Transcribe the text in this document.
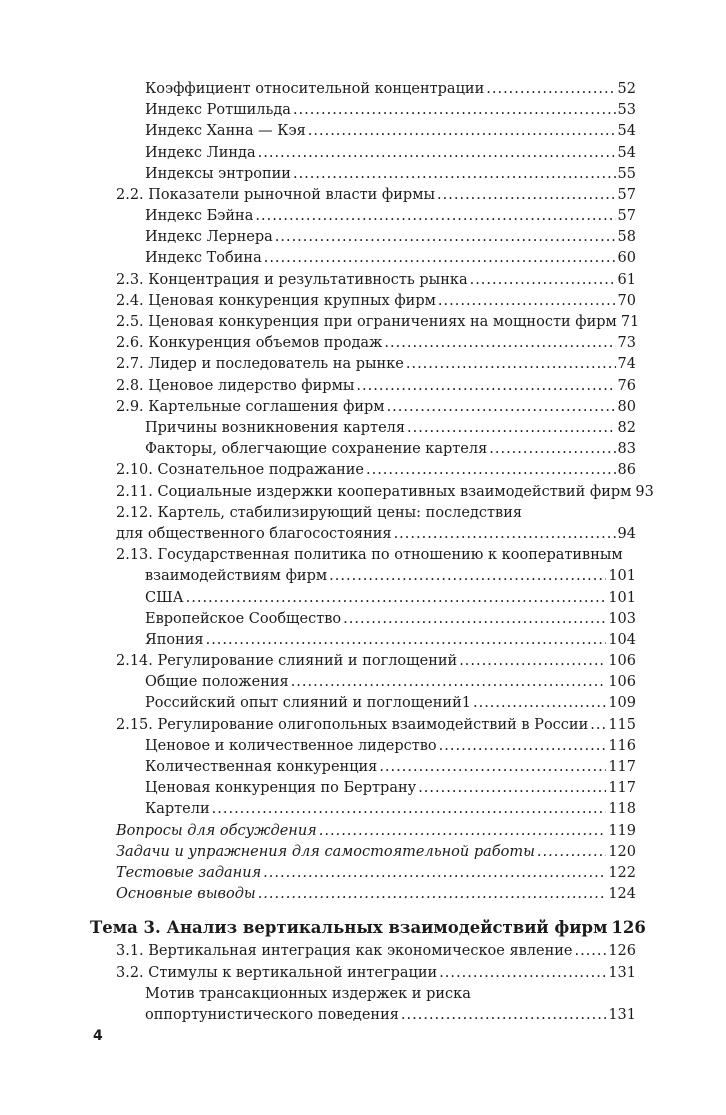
Коэффициент относительной концентрации .....	52
Индекс Ротшильда .....	53
Индекс Ханна — Кэя .....	54
Индекс Линда .....	54
Индексы энтропии .....	55
2.2. Показатели рыночной власти фирмы .....	57
Индекс Бэйна .....	57
Индекс Лернера .....	58
Индекс Тобина .....	60
2.3. Концентрация и результативность рынка .....	61
2.4. Ценовая конкуренция крупных фирм .....	70
2.5. Ценовая конкуренция при ограничениях на мощности фирм 71
2.6. Конкуренция объемов продаж .....	73
2.7. Лидер и последователь на рынке .....	74
2.8. Ценовое лидерство фирмы .....	76
2.9. Картельные соглашения фирм .....	80
Причины возникновения картеля .....	82
Факторы, облегчающие сохранение картеля .....	83
2.10. Сознательное подражание .....	86
2.11. Социальные издержки кооперативных взаимодействий фирм 93
2.12. Картель, стабилизирующий цены: последствия
для общественного благосостояния .....	94
2.13. Государственная политика по отношению к кооперативным
взаимодействиям фирм .....	101
США .....	101
Европейское Сообщество .....	103
Япония .....	104
2.14. Регулирование слияний и поглощений .....	106
Общие положения .....	106
Российский опыт слияний и поглощений1 .....	109
2.15. Регулирование олигопольных взаимодействий в России ..... 115
Ценовое и количественное лидерство .....	116
Количественная конкуренция .....	117
Ценовая конкуренция по Бертрану .....	117
Картели .....	118
Вопросы для обсуждения .....	119
Задачи и упражнения для самостоятельной работы .....	120
Тестовые задания .....	122
Основные выводы .....	124
Тема 3. Анализ вертикальных взаимодействий фирм 126
3.1. Вертикальная интеграция как экономическое явление ..... 126
3.2. Стимулы к вертикальной интеграции .....	131
Мотив трансакционных издержек и риска
оппортунистического поведения .....	131
4
